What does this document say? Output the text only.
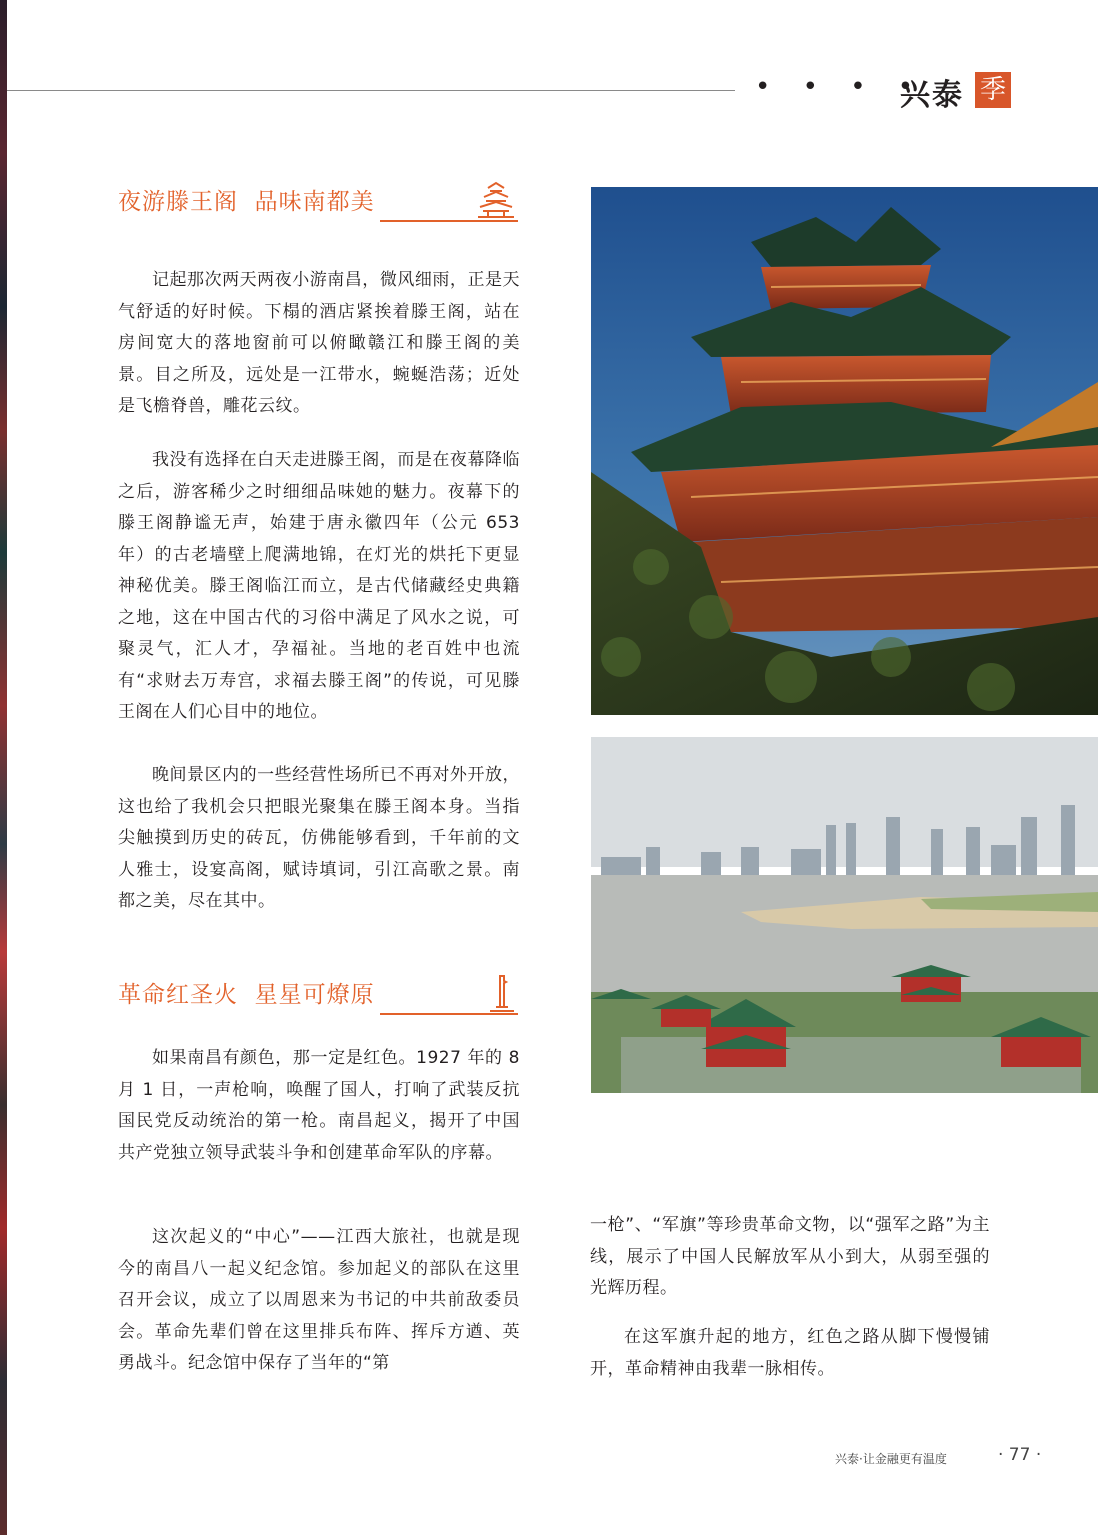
• • • •
兴泰 季
夜游滕王阁  品味南都美

记起那次两天两夜小游南昌，微风细雨，正是天气舒适的好时候。下榻的酒店紧挨着滕王阁，站在房间宽大的落地窗前可以俯瞰赣江和滕王阁的美景。目之所及，远处是一江带水，蜿蜒浩荡；近处是飞檐脊兽，雕花云纹。

我没有选择在白天走进滕王阁，而是在夜幕降临之后，游客稀少之时细细品味她的魅力。夜幕下的滕王阁静谧无声，始建于唐永徽四年（公元 653 年）的古老墙壁上爬满地锦，在灯光的烘托下更显神秘优美。滕王阁临江而立，是古代储藏经史典籍之地，这在中国古代的习俗中满足了风水之说，可聚灵气，汇人才，孕福祉。当地的老百姓中也流有“求财去万寿宫，求福去滕王阁”的传说，可见滕王阁在人们心目中的地位。

晚间景区内的一些经营性场所已不再对外开放，这也给了我机会只把眼光聚集在滕王阁本身。当指尖触摸到历史的砖瓦，仿佛能够看到，千年前的文人雅士，设宴高阁，赋诗填词，引江高歌之景。南都之美，尽在其中。

革命红圣火  星星可燎原

如果南昌有颜色，那一定是红色。1927 年的 8 月 1 日，一声枪响，唤醒了国人，打响了武装反抗国民党反动统治的第一枪。南昌起义，揭开了中国共产党独立领导武装斗争和创建革命军队的序幕。

这次起义的“中心”——江西大旅社，也就是现今的南昌八一起义纪念馆。参加起义的部队在这里召开会议，成立了以周恩来为书记的中共前敌委员会。革命先辈们曾在这里排兵布阵、挥斥方遒、英勇战斗。纪念馆中保存了当年的“第

一枪”、“军旗”等珍贵革命文物，以“强军之路”为主线，展示了中国人民解放军从小到大，从弱至强的光辉历程。

在这军旗升起的地方，红色之路从脚下慢慢铺开，革命精神由我辈一脉相传。

兴泰·让金融更有温度	· 77 ·
